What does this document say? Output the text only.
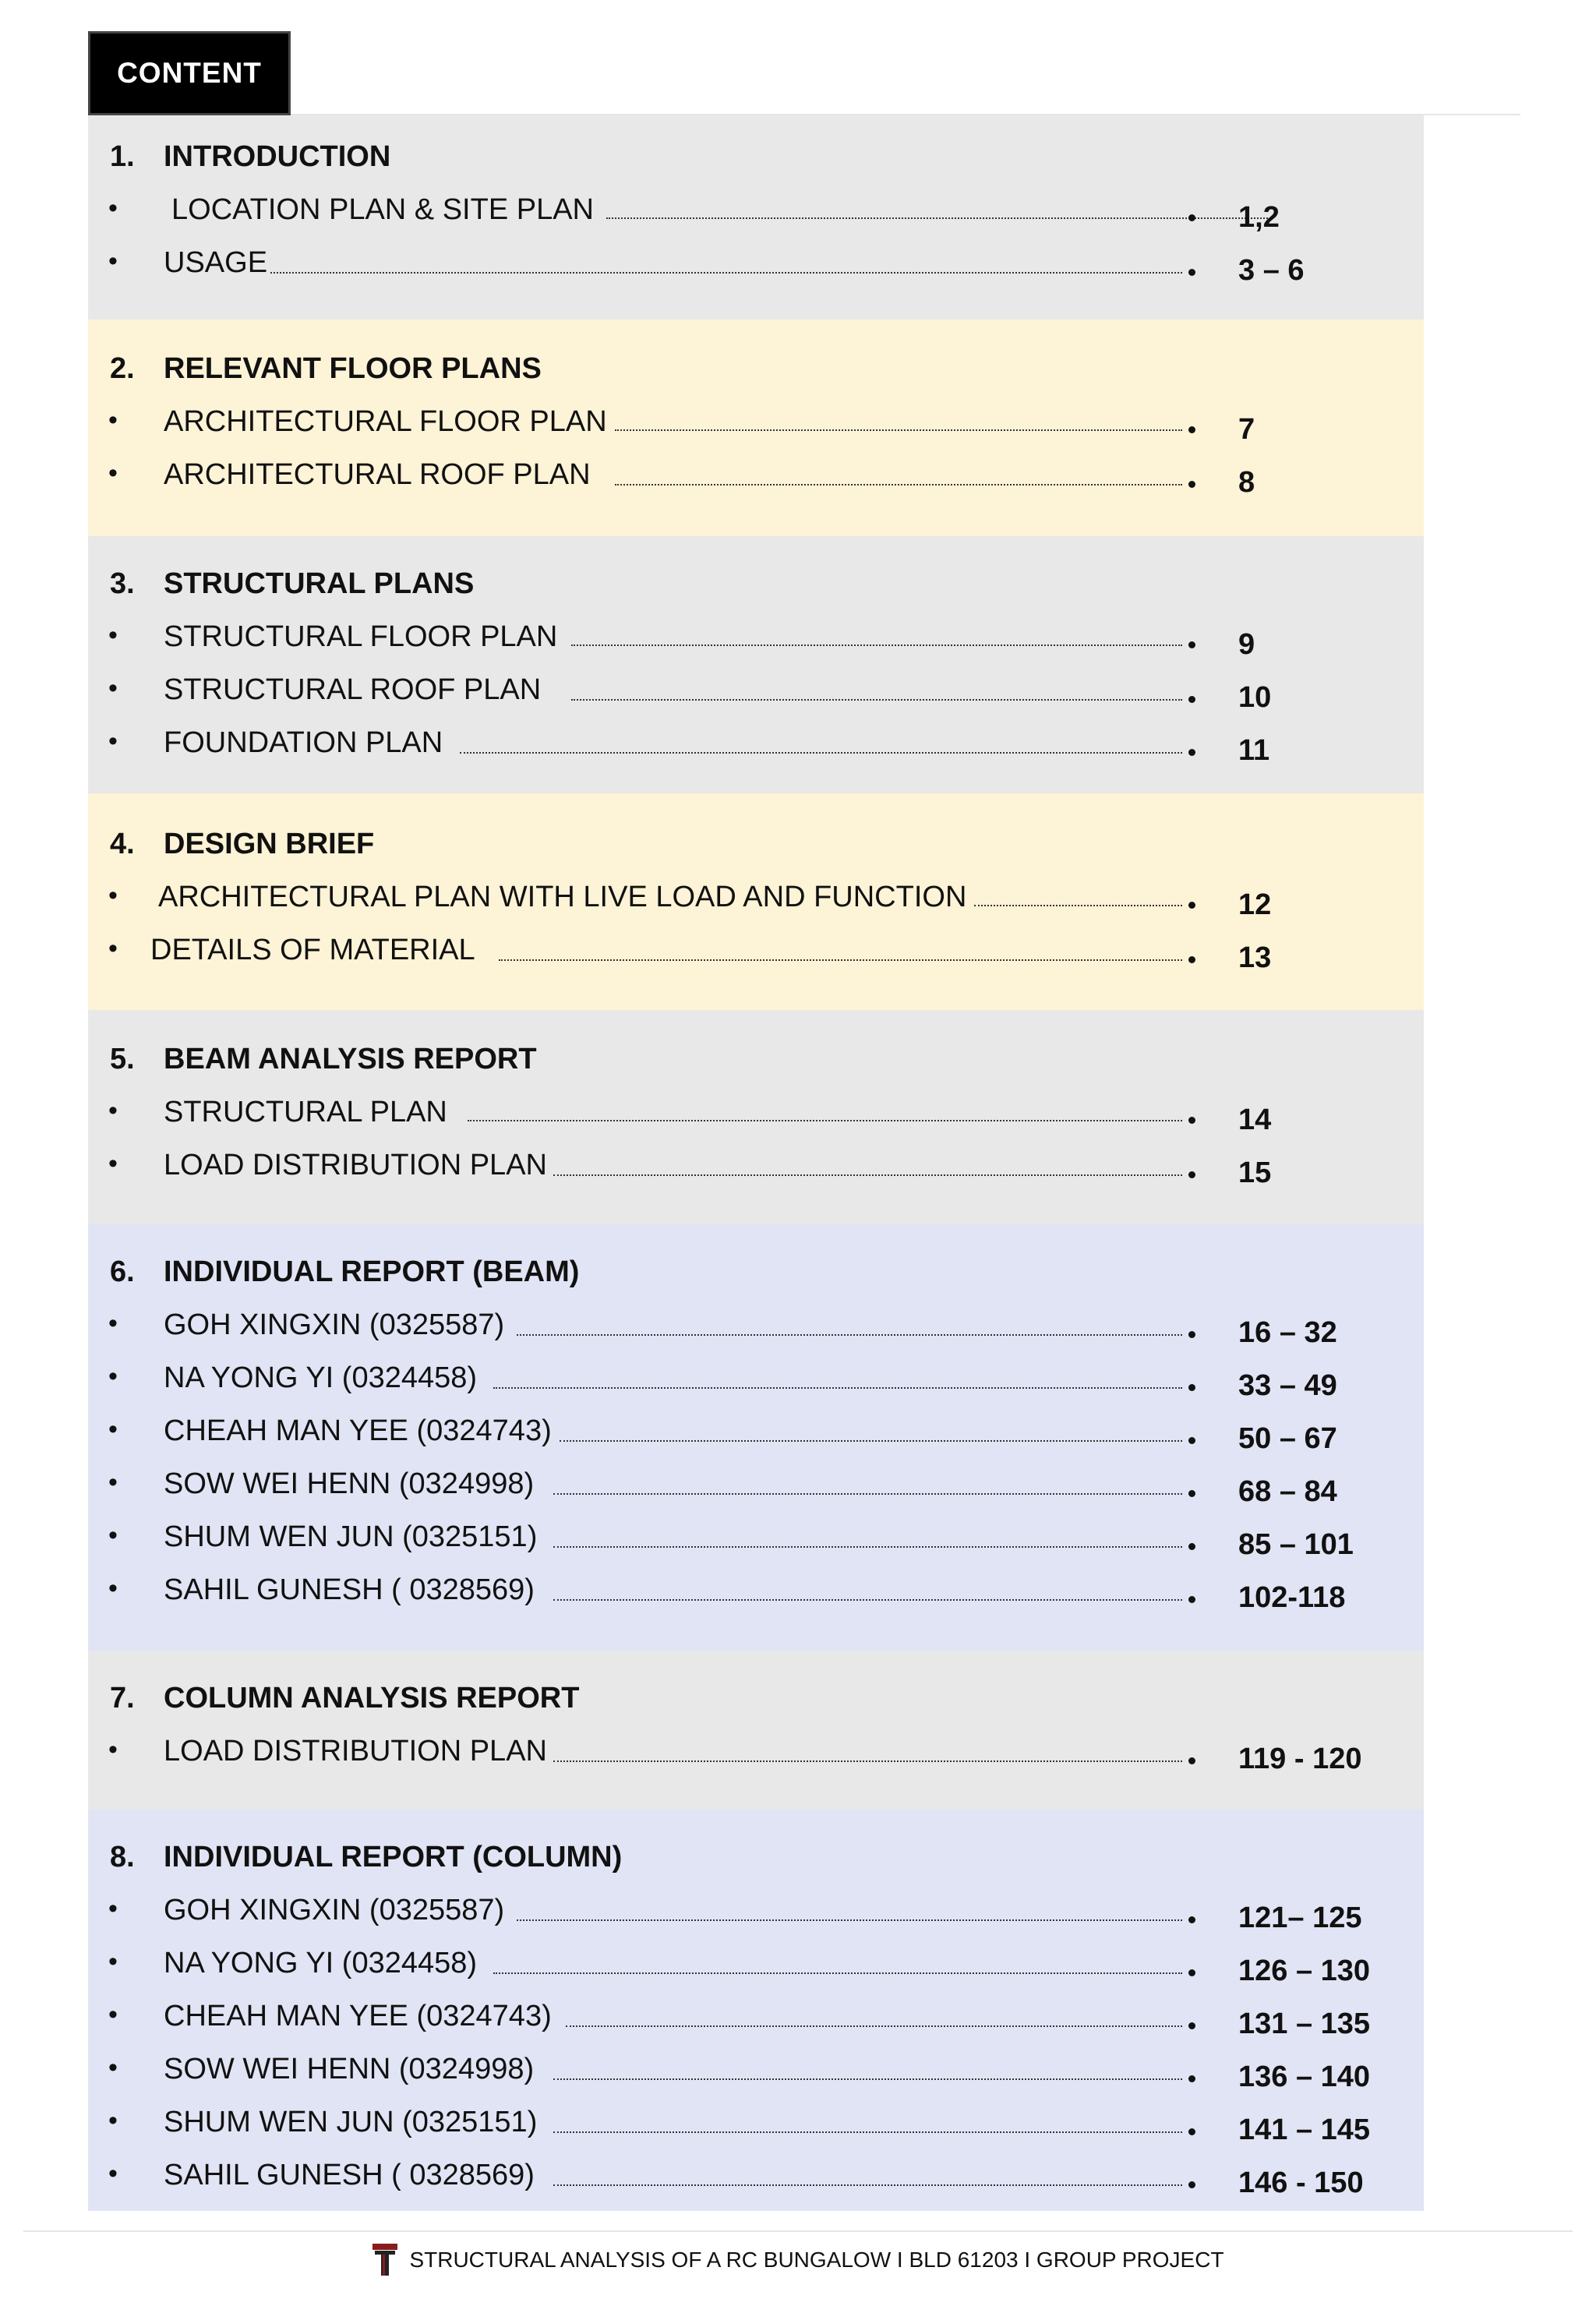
CONTENT
1. INTRODUCTION
• LOCATION PLAN & SITE PLAN	1,2
• USAGE	3 – 6
2. RELEVANT FLOOR PLANS
• ARCHITECTURAL FLOOR PLAN	7
• ARCHITECTURAL ROOF PLAN	8
3. STRUCTURAL PLANS
• STRUCTURAL FLOOR PLAN	9
• STRUCTURAL ROOF PLAN	10
• FOUNDATION PLAN	11
4. DESIGN BRIEF
• ARCHITECTURAL PLAN WITH LIVE LOAD AND FUNCTION	12
• DETAILS OF MATERIAL	13
5. BEAM ANALYSIS REPORT
• STRUCTURAL PLAN	14
• LOAD DISTRIBUTION PLAN	15
6. INDIVIDUAL REPORT (BEAM)
• GOH XINGXIN (0325587)	16 – 32
• NA YONG YI (0324458)	33 – 49
• CHEAH MAN YEE (0324743)	50 – 67
• SOW WEI HENN (0324998)	68 – 84
• SHUM WEN JUN (0325151)	85 – 101
• SAHIL GUNESH ( 0328569)	102-118
7. COLUMN ANALYSIS REPORT
• LOAD DISTRIBUTION PLAN	119 - 120
8. INDIVIDUAL REPORT (COLUMN)
• GOH XINGXIN (0325587)	121– 125
• NA YONG YI (0324458)	126 – 130
• CHEAH MAN YEE (0324743)	131 – 135
• SOW WEI HENN (0324998)	136 – 140
• SHUM WEN JUN (0325151)	141 – 145
• SAHIL GUNESH ( 0328569)	146 - 150
STRUCTURAL ANALYSIS OF A RC BUNGALOW I BLD 61203 I GROUP PROJECT
